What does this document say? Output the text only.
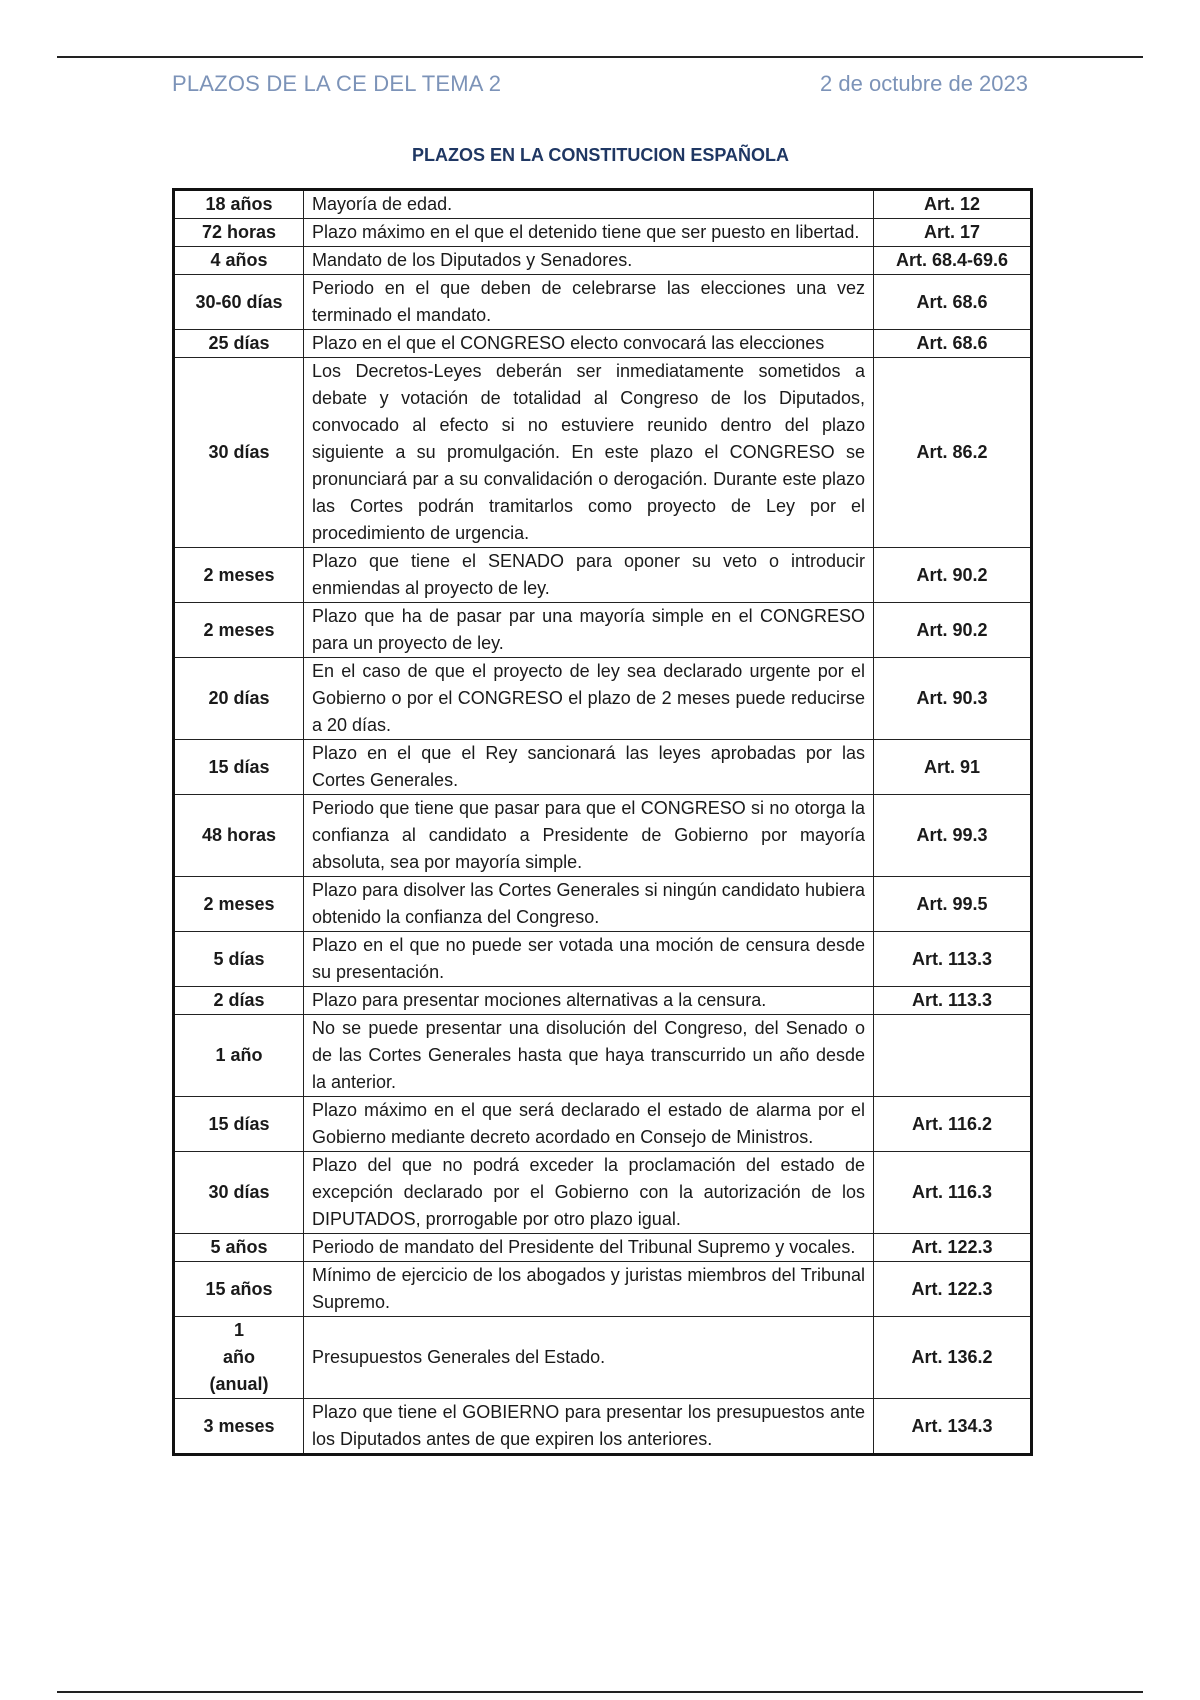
PLAZOS DE LA CE DEL TEMA 2	2 de octubre de 2023
PLAZOS EN LA CONSTITUCION ESPAÑOLA
18 años	Mayoría de edad.	Art. 12
72 horas	Plazo máximo en el que el detenido tiene que ser puesto en libertad.	Art. 17
4 años	Mandato de los Diputados y Senadores.	Art. 68.4-69.6
30-60 días	Periodo en el que deben de celebrarse las elecciones una vez terminado el mandato.	Art. 68.6
25 días	Plazo en el que el CONGRESO electo convocará las elecciones	Art. 68.6
30 días	Los Decretos-Leyes deberán ser inmediatamente sometidos a debate y votación de totalidad al Congreso de los Diputados, convocado al efecto si no estuviere reunido dentro del plazo siguiente a su promulgación. En este plazo el CONGRESO se pronunciará par a su convalidación o derogación. Durante este plazo las Cortes podrán tramitarlos como proyecto de Ley por el procedimiento de urgencia.	Art. 86.2
2 meses	Plazo que tiene el SENADO para oponer su veto o introducir enmiendas al proyecto de ley.	Art. 90.2
2 meses	Plazo que ha de pasar par una mayoría simple en el CONGRESO para un proyecto de ley.	Art. 90.2
20 días	En el caso de que el proyecto de ley sea declarado urgente por el Gobierno o por el CONGRESO el plazo de 2 meses puede reducirse a 20 días.	Art. 90.3
15 días	Plazo en el que el Rey sancionará las leyes aprobadas por las Cortes Generales.	Art. 91
48 horas	Periodo que tiene que pasar para que el CONGRESO si no otorga la confianza al candidato a Presidente de Gobierno por mayoría absoluta, sea por mayoría simple.	Art. 99.3
2 meses	Plazo para disolver las Cortes Generales si ningún candidato hubiera obtenido la confianza del Congreso.	Art. 99.5
5 días	Plazo en el que no puede ser votada una moción de censura desde su presentación.	Art. 113.3
2 días	Plazo para presentar mociones alternativas a la censura.	Art. 113.3
1 año	No se puede presentar una disolución del Congreso, del Senado o de las Cortes Generales hasta que haya transcurrido un año desde la anterior.	
15 días	Plazo máximo en el que será declarado el estado de alarma por el Gobierno mediante decreto acordado en Consejo de Ministros.	Art. 116.2
30 días	Plazo del que no podrá exceder la proclamación del estado de excepción declarado por el Gobierno con la autorización de los DIPUTADOS, prorrogable por otro plazo igual.	Art. 116.3
5 años	Periodo de mandato del Presidente del Tribunal Supremo y vocales.	Art. 122.3
15 años	Mínimo de ejercicio de los abogados y juristas miembros del Tribunal Supremo.	Art. 122.3
1 año (anual)	Presupuestos Generales del Estado.	Art. 136.2
3 meses	Plazo que tiene el GOBIERNO para presentar los presupuestos ante los Diputados antes de que expiren los anteriores.	Art. 134.3
